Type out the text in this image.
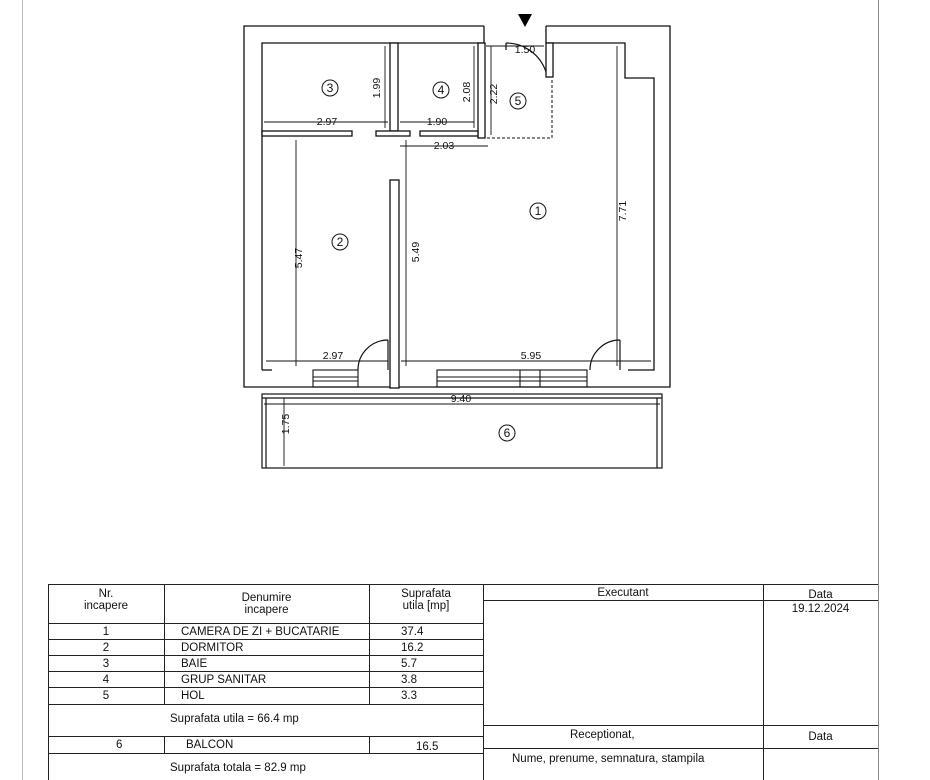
3	4
5
1
2
6
1.99
2.97
2.08
1.90
2.22
1.50
2.03
7.71
5.47	5.49
2.97	5.95
9.40
1.75
Nr.
incapere
Denumire
incapere
Suprafata
utila [mp]
Executant	Data
19.12.2024
1	CAMERA DE ZI + BUCATARIE	37.4
2	DORMITOR	16.2
3	BAIE	5.7
4	GRUP SANITAR	3.8
5	HOL	3.3
Suprafata utila = 66.4 mp
6	BALCON	16.5
Receptionat,	Data
Nume, prenume, semnatura, stampila
Suprafata totala = 82.9 mp
